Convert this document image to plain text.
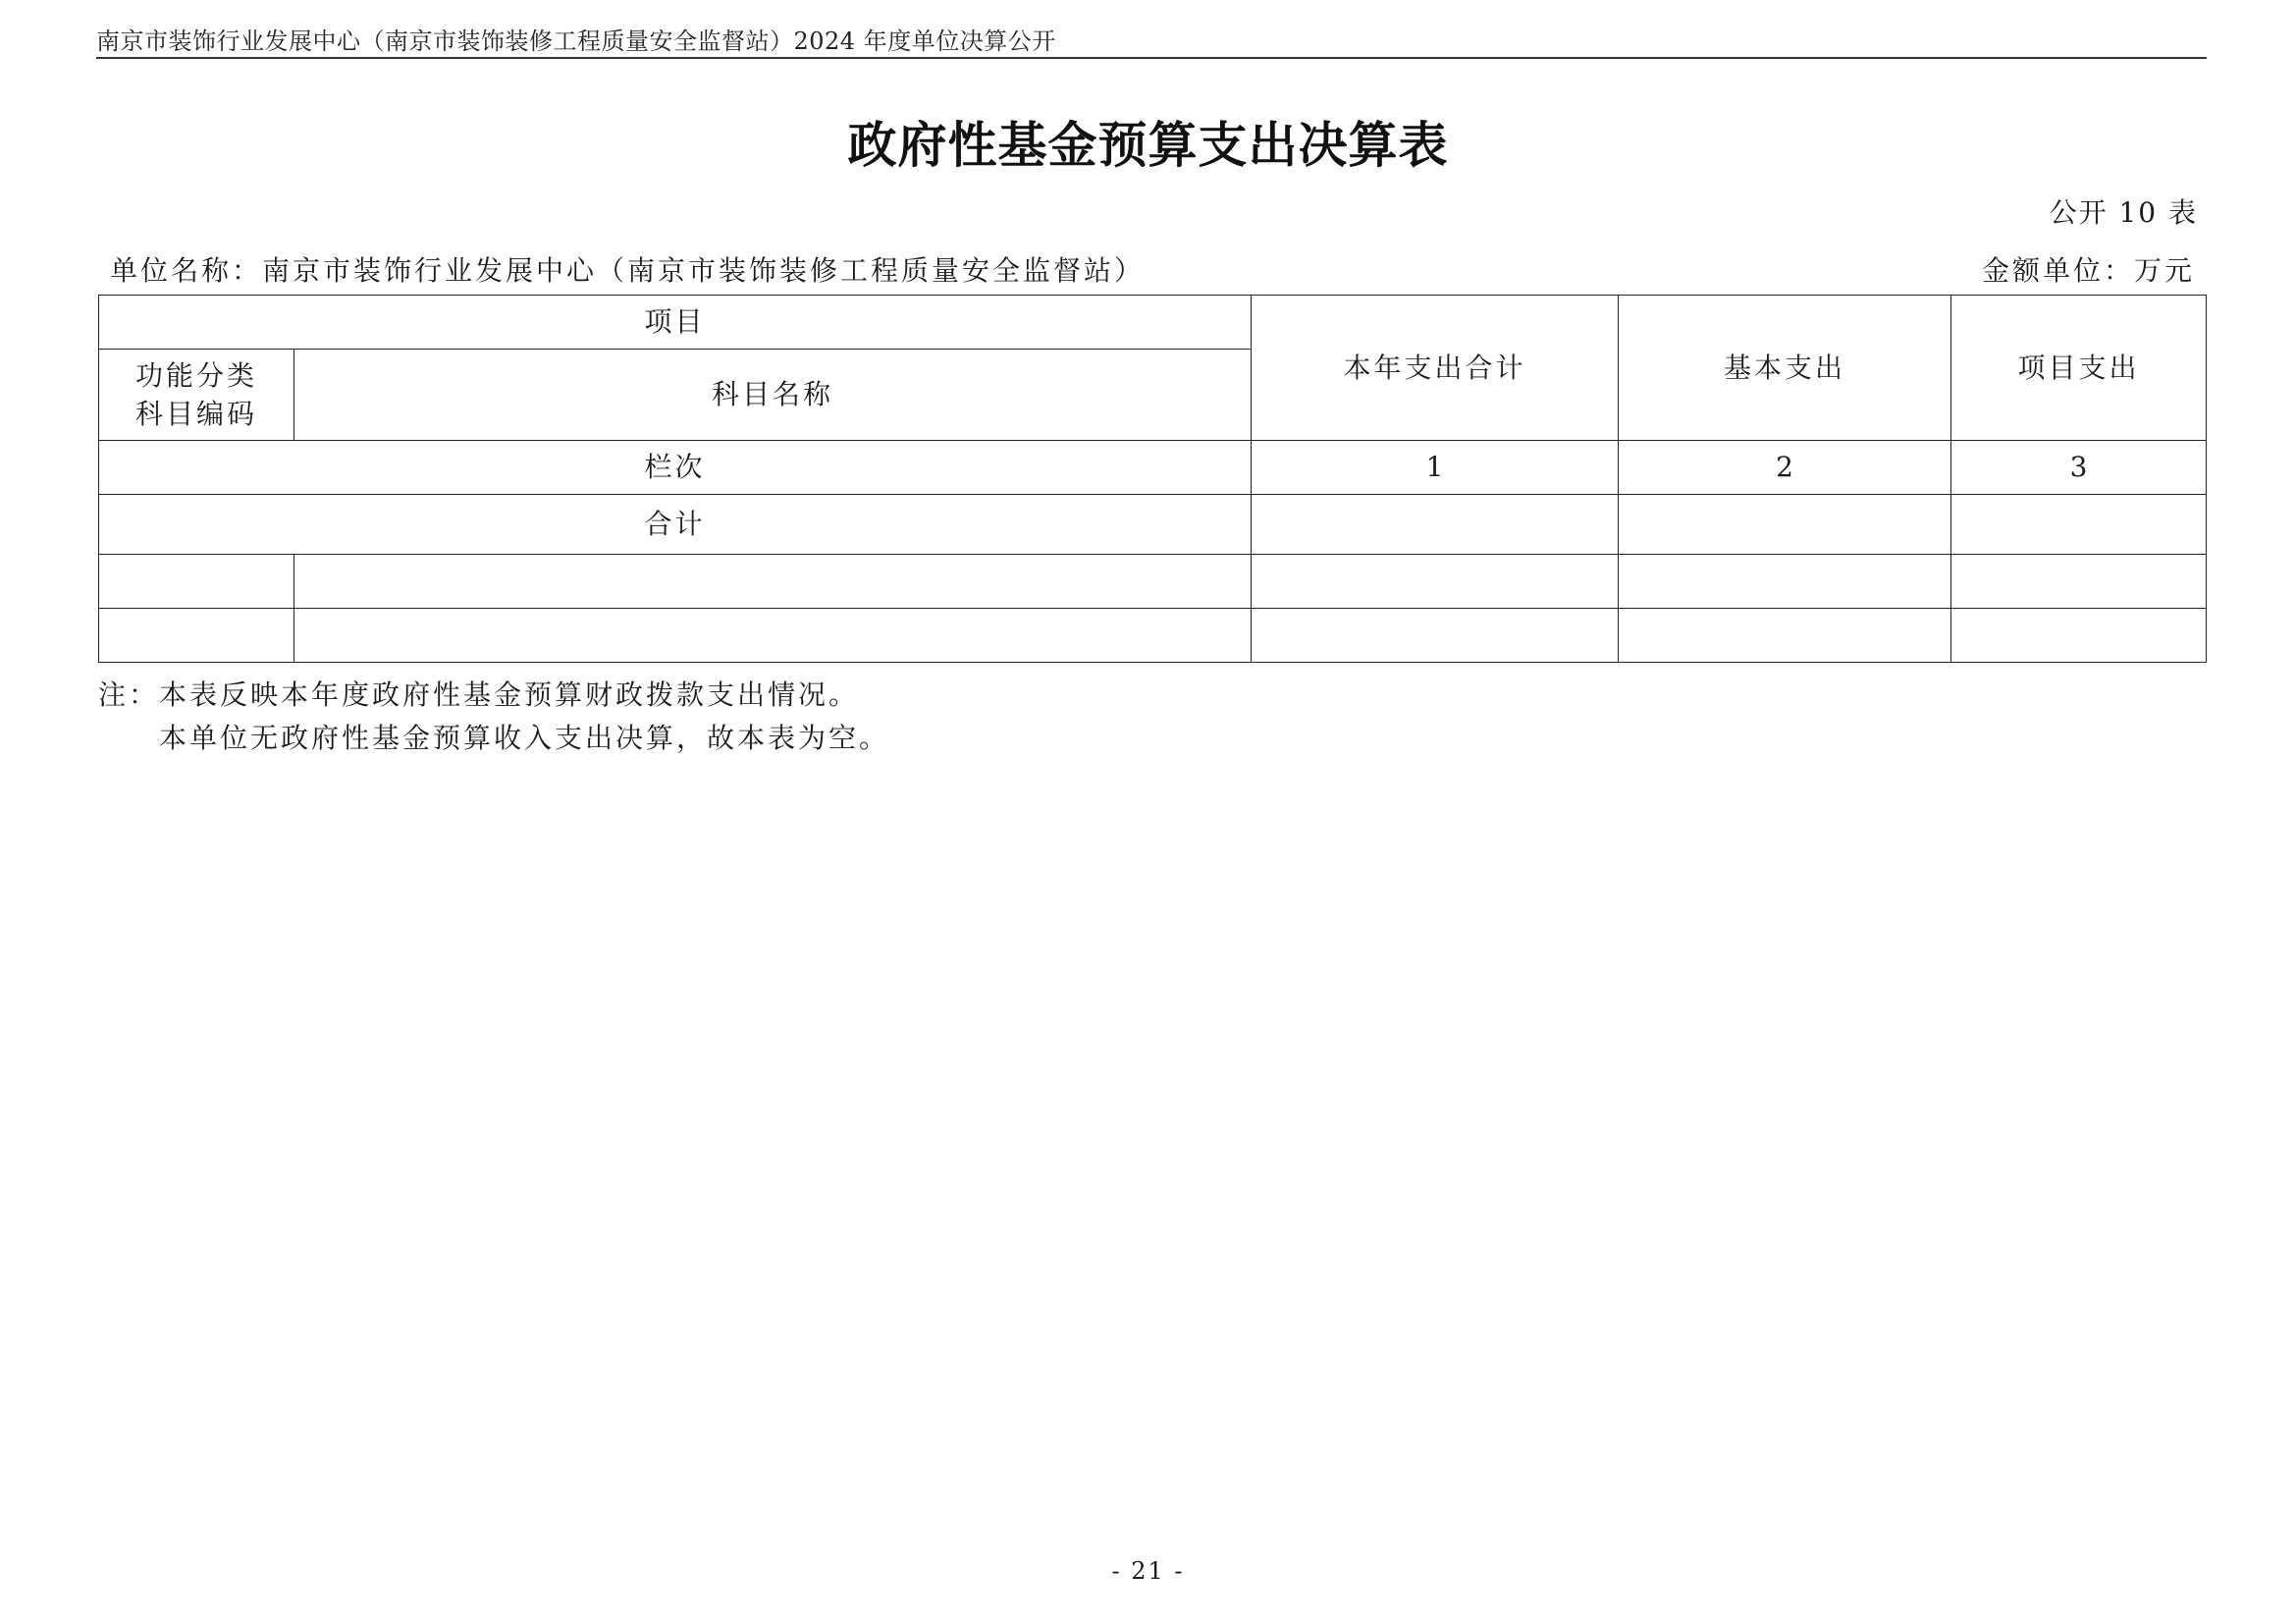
南京市装饰行业发展中心（南京市装饰装修工程质量安全监督站）2024 年度单位决算公开
政府性基金预算支出决算表
公开 10 表
单位名称：南京市装饰行业发展中心（南京市装饰装修工程质量安全监督站）	金额单位：万元
项目		本年支出合计	基本支出	项目支出

功能分类
科目编码	科目名称			
栏次		1	2	3
合计				

注：本表反映本年度政府性基金预算财政拨款支出情况。
本单位无政府性基金预算收入支出决算，故本表为空。
- 21 -
